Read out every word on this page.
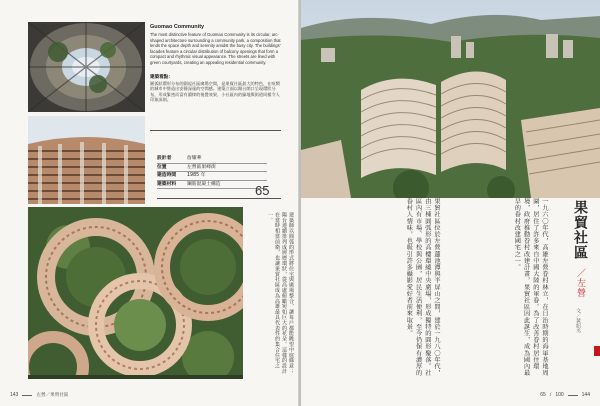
Guomao Community
The most distinctive feature of Guomao Community is its circular, arc-shaped architecture surrounding a community park, a composition that lends the space depth and serenity amidst the busy city. The buildings' facades feature a circular distribution of balcony openings that form a compact and rhythmic visual appearance. The streets are lined with green courtyards, creating an appealing residential community.
建築看點：
圓弧狀環形分布的圍起社區廣場空間，是果貿社區最大的特色，在喧鬧的城市中營造出安靜深邃的空間感。建築立面以陽台開口呈現環狀分布，形成緊密而富有韻律的視覺效果，小社區內的綠地與街道同樣令人印象深刻。
設計者	詹耀華
位置	左營區果峰街
建造時間	1985 年
建築材料	鋼筋混凝土構造	65
143	左營／果貿社區
果貿社區位於左營蓮池潭與半屏山之間，建於一九八〇年代，由三棟圓弧形的高樓環繞中央廣場，形成獨特的圓形聚落。社區內有市場、學校與公園，居民生活便利，至今仍保有濃厚的眷村人情味，也吸引許多攝影愛好者前來取景。	一九六〇年代，高雄左營眷村林立，在日治時期的海軍基地周圍，居住了許多來自中國大陸的軍眷。為了改善眷村居住環境，政府推動眷村改建計畫，果貿社區因此誕生，成為國內最早的眷村改建國宅之一。	果貿社區
／左營
文／黃紹丞
65 / 100	144
建築師以圓弧的形式將住宅與廣場整合，讓每戶都能眺望中庭綠意；陽台連續排列成層層環狀，從高處俯瞰宛如巨大的花朵。這樣的設計在當時相當前衛，也讓果貿社區成為高雄最具代表性的集合住宅之一。
